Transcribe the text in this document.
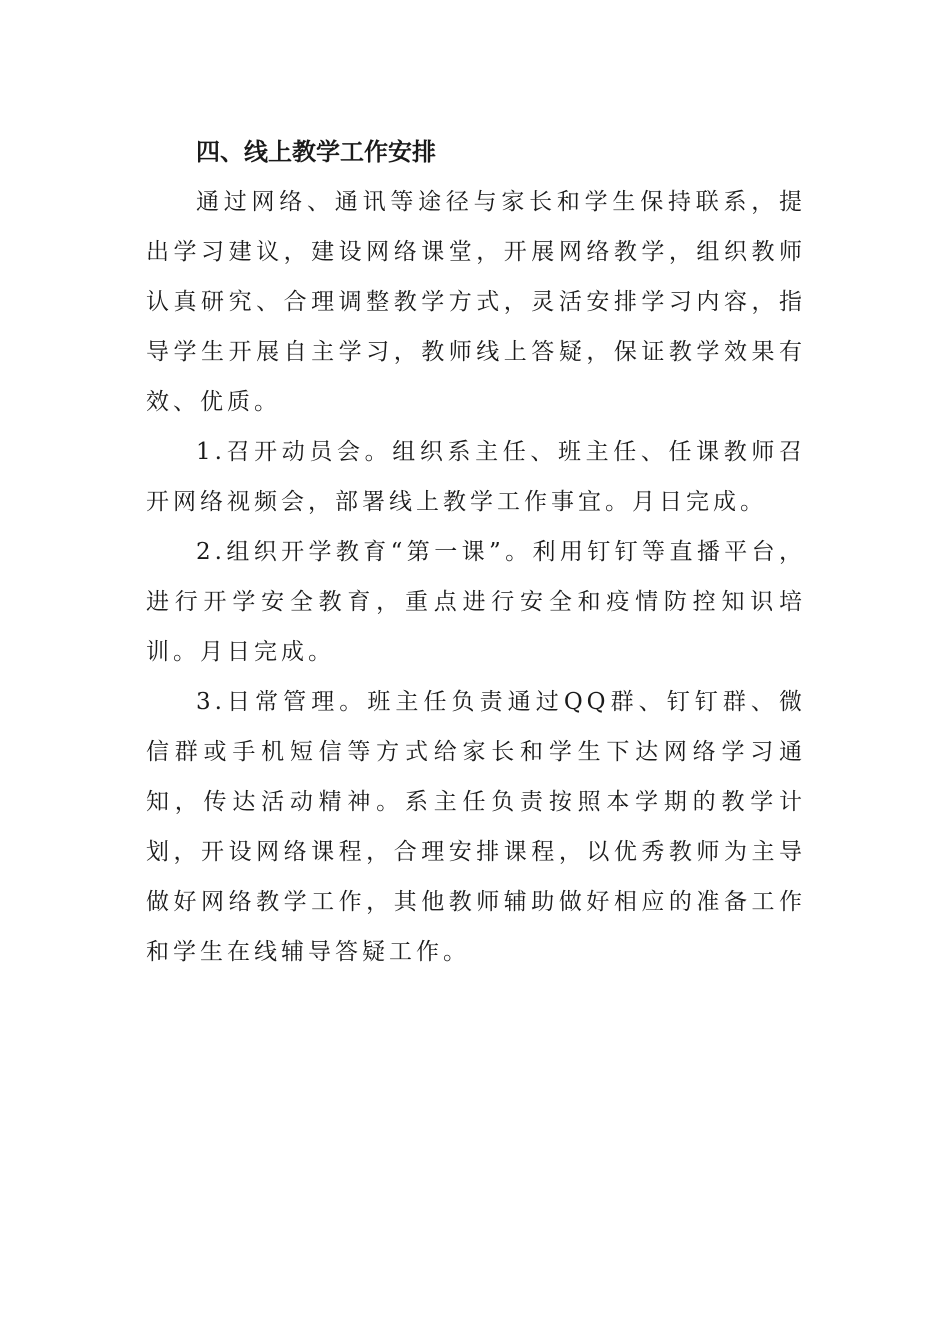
四、线上教学工作安排

通过网络、通讯等途径与家长和学生保持联系，提出学习建议，建设网络课堂，开展网络教学，组织教师认真研究、合理调整教学方式，灵活安排学习内容，指导学生开展自主学习，教师线上答疑，保证教学效果有效、优质。

1.召开动员会。组织系主任、班主任、任课教师召开网络视频会，部署线上教学工作事宜。月日完成。

2.组织开学教育“第一课”。利用钉钉等直播平台，进行开学安全教育，重点进行安全和疫情防控知识培训。月日完成。

3.日常管理。班主任负责通过QQ群、钉钉群、微信群或手机短信等方式给家长和学生下达网络学习通知，传达活动精神。系主任负责按照本学期的教学计划，开设网络课程，合理安排课程，以优秀教师为主导做好网络教学工作，其他教师辅助做好相应的准备工作和学生在线辅导答疑工作。
